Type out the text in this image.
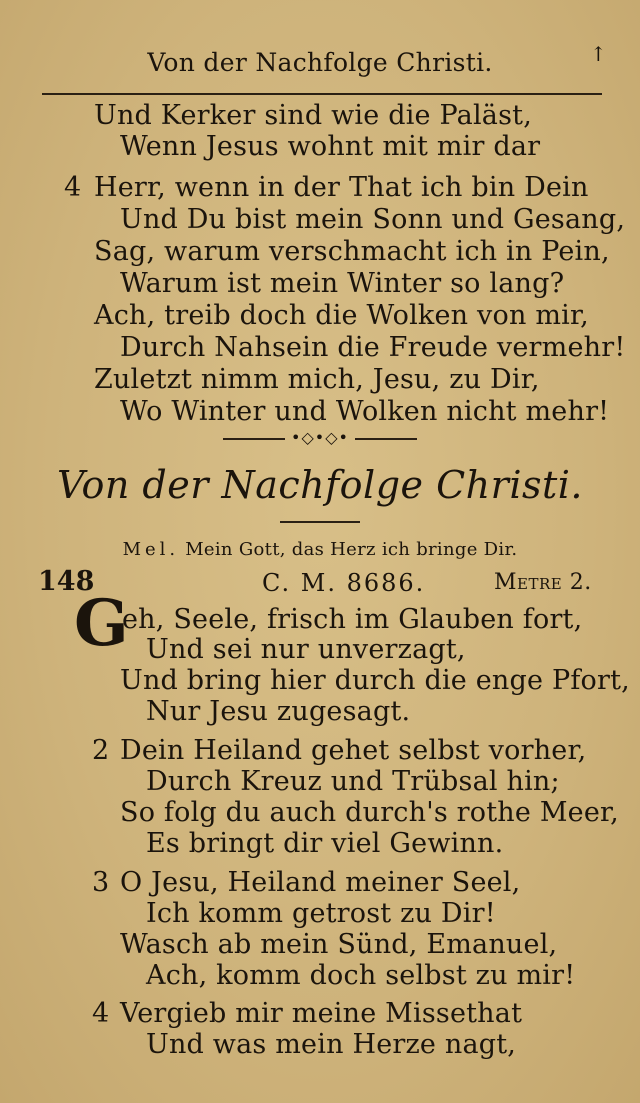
Von der Nachfolge Christi.	↑
Und Kerker sind wie die Paläst,
Wenn Jesus wohnt mit mir dar
4 Herr, wenn in der That ich bin Dein
Und Du bist mein Sonn und Gesang,
Sag, warum verschmacht ich in Pein,
Warum ist mein Winter so lang?
Ach, treib doch die Wolken von mir,
Durch Nahsein die Freude vermehr!
Zuletzt nimm mich, Jesu, zu Dir,
Wo Winter und Wolken nicht mehr!
•◇•◇•
Von der Nachfolge Christi.
Mel. Mein Gott, das Herz ich bringe Dir.
148	C. M. 8686.	Metre 2.
G
eh, Seele, frisch im Glauben fort,
Und sei nur unverzagt,
Und bring hier durch die enge Pfort,
Nur Jesu zugesagt.
2 Dein Heiland gehet selbst vorher,
Durch Kreuz und Trübsal hin;
So folg du auch durch's rothe Meer,
Es bringt dir viel Gewinn.
3 O Jesu, Heiland meiner Seel,
Ich komm getrost zu Dir!
Wasch ab mein Sünd, Emanuel,
Ach, komm doch selbst zu mir!
4 Vergieb mir meine Missethat
Und was mein Herze nagt,
